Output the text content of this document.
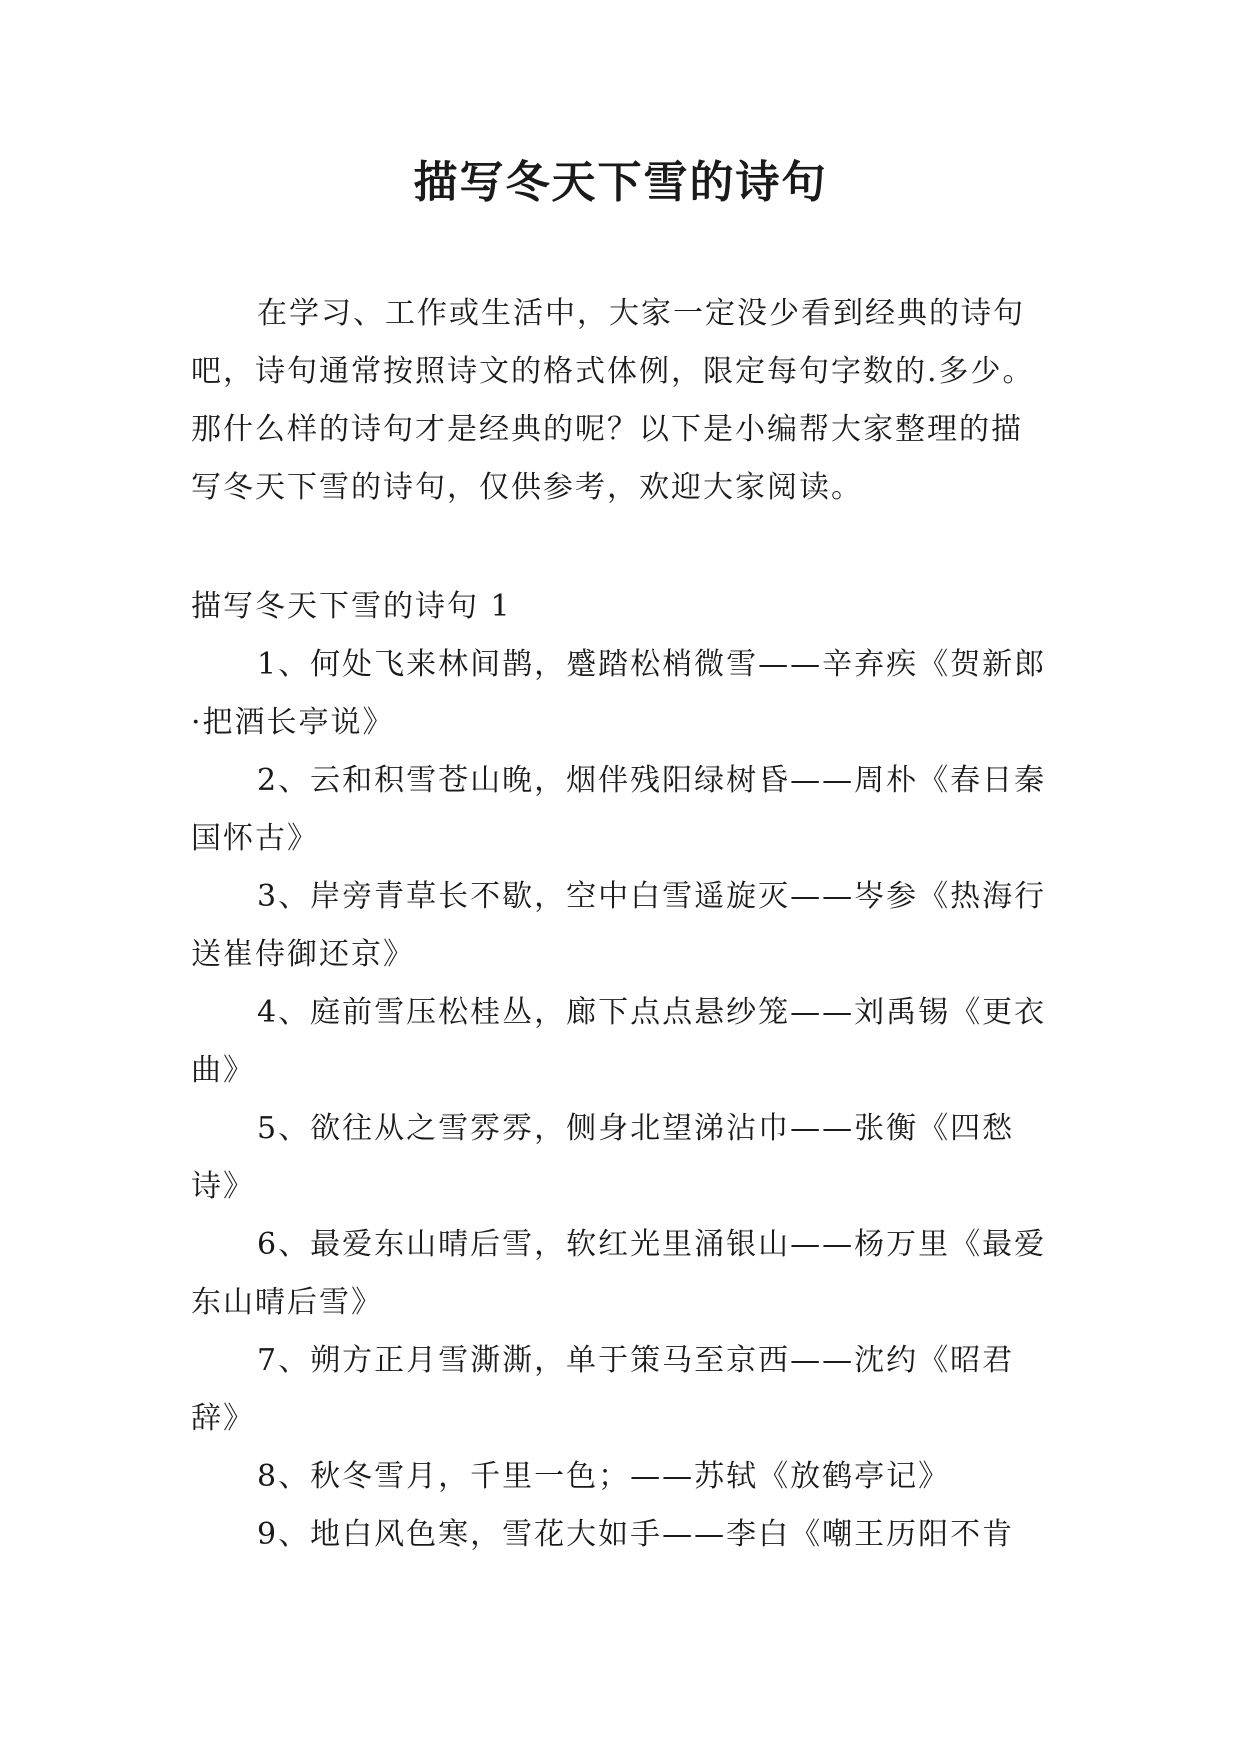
描写冬天下雪的诗句

在学习、工作或生活中，大家一定没少看到经典的诗句吧，诗句通常按照诗文的格式体例，限定每句字数的.多少。那什么样的诗句才是经典的呢？以下是小编帮大家整理的描写冬天下雪的诗句，仅供参考，欢迎大家阅读。

描写冬天下雪的诗句 1

1、何处飞来林间鹊，蹙踏松梢微雪——辛弃疾《贺新郎·把酒长亭说》
2、云和积雪苍山晚，烟伴残阳绿树昏——周朴《春日秦国怀古》
3、岸旁青草长不歇，空中白雪遥旋灭——岑参《热海行送崔侍御还京》
4、庭前雪压松桂丛，廊下点点悬纱笼——刘禹锡《更衣曲》
5、欲往从之雪雰雰，侧身北望涕沾巾——张衡《四愁诗》
6、最爱东山晴后雪，软红光里涌银山——杨万里《最爱东山晴后雪》
7、朔方正月雪澌澌，单于策马至京西——沈约《昭君辞》
8、秋冬雪月，千里一色；——苏轼《放鹤亭记》
9、地白风色寒，雪花大如手——李白《嘲王历阳不肯
